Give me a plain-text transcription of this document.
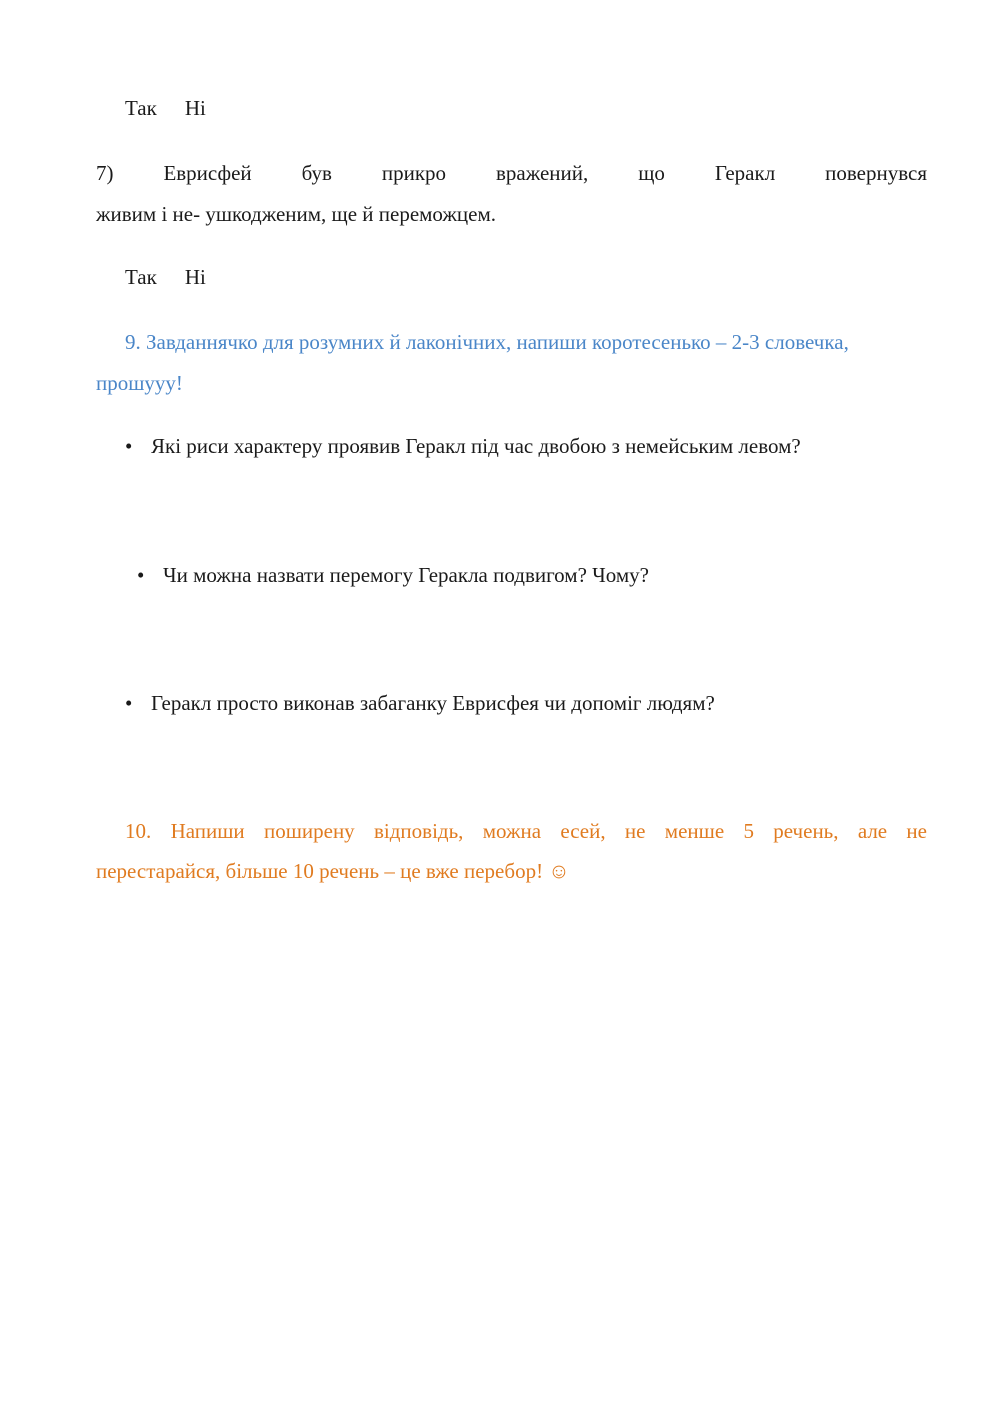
Так Ні
7) Еврисфей був прикро вражений, що Геракл повернувся
живим і не- ушкодженим, ще й переможцем.
Так Ні
9. Завданнячко для розумних й лаконічних, напиши коротесенько – 2-3 словечка,
прошууу!
• Які риси характеру проявив Геракл під час двобою з немейським левом?
• Чи можна назвати перемогу Геракла подвигом? Чому?
• Геракл просто виконав забаганку Еврисфея чи допоміг людям?
10. Напиши поширену відповідь, можна есей, не менше 5 речень, але не
перестарайся, більше 10 речень – це вже перебор! ☺
